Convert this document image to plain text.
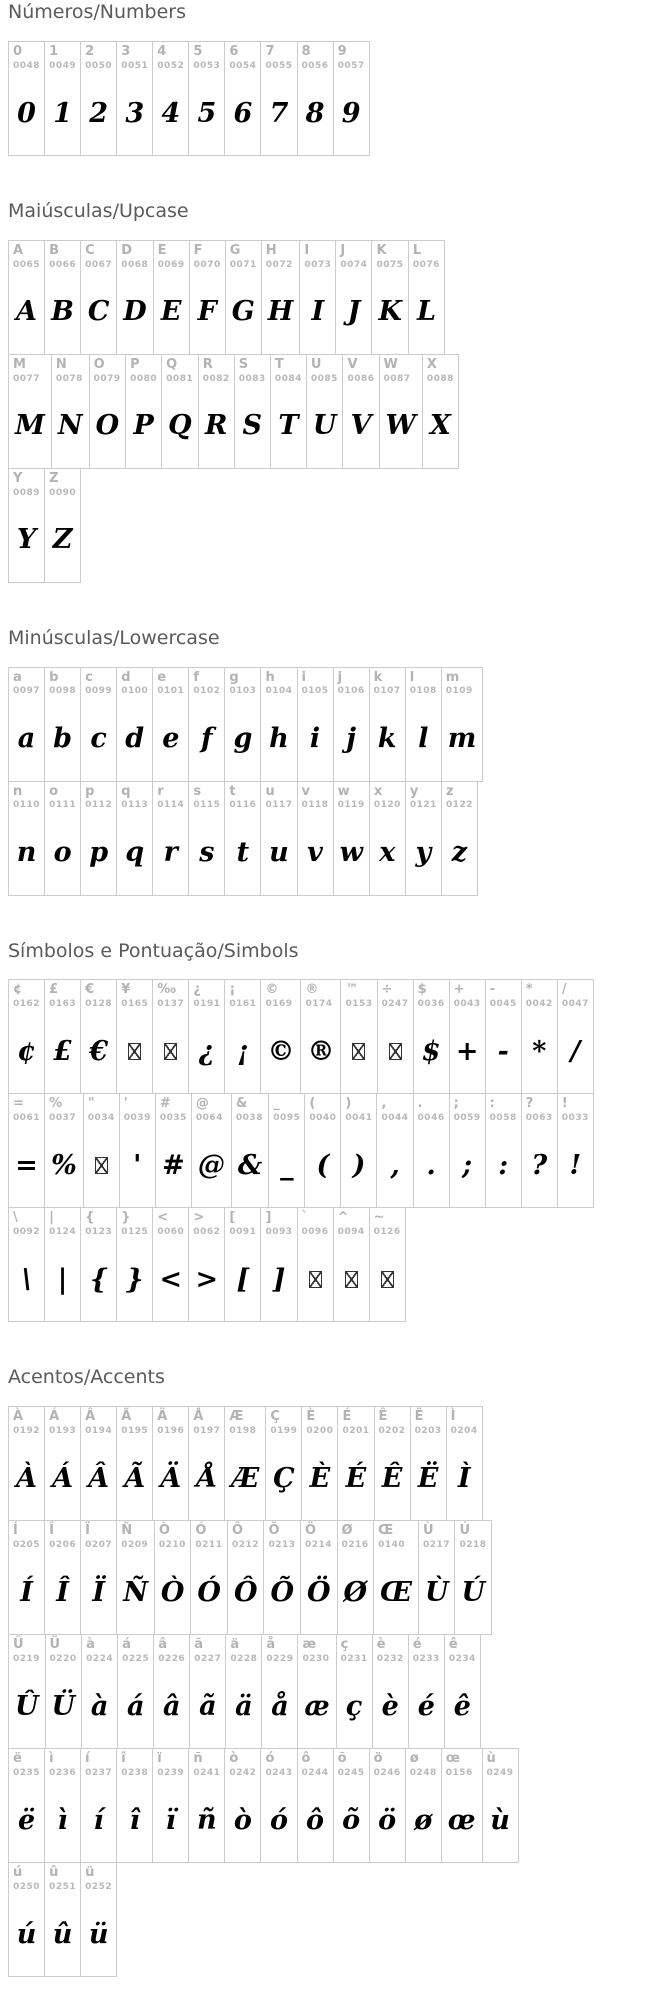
Números/Numbers
0
0048
0
1
0049
1
2
0050
2
3
0051
3
4
0052
4
5
0053
5
6
0054
6
7
0055
7
8
0056
8
9
0057
9
Maiúsculas/Upcase
A
0065
A
B
0066
B
C
0067
C
D
0068
D
E
0069
E
F
0070
F
G
0071
G
H
0072
H
I
0073
I
J
0074
J
K
0075
K
L
0076
L
M
0077
M
N
0078
N
O
0079
O
P
0080
P
Q
0081
Q
R
0082
R
S
0083
S
T
0084
T
U
0085
U
V
0086
V
W
0087
W
X
0088
X
Y
0089
Y
Z
0090
Z
Minúsculas/Lowercase
a
0097
a
b
0098
b
c
0099
c
d
0100
d
e
0101
e
f
0102
f
g
0103
g
h
0104
h
i
0105
i
j
0106
j
k
0107
k
l
0108
l
m
0109
m
n
0110
n
o
0111
o
p
0112
p
q
0113
q
r
0114
r
s
0115
s
t
0116
t
u
0117
u
v
0118
v
w
0119
w
x
0120
x
y
0121
y
z
0122
z
Símbolos e Pontuação/Simbols
¢
0162
¢
£
0163
£
€
0128
€
¥
0165
‰
0137
¿
0191
¿
¡
0161
¡
©
0169
©
®
0174
®
™
0153
÷
0247
$
0036
$
+
0043
+
-
0045
-
*
0042
*
/
0047
/
=
0061
=
%
0037
%
"
0034
'
0039
'
#
0035
#
@
0064
@
&
0038
&
_
0095
_
(
0040
(
)
0041
)
,
0044
,
.
0046
.
;
0059
;
:
0058
:
?
0063
?
!
0033
!
\
0092
\
|
0124
|
{
0123
{
}
0125
}
<
0060
<
>
0062
>
[
0091
[
]
0093
]
`
0096
^
0094
~
0126
Acentos/Accents
À
0192
À
Á
0193
Á
Â
0194
Â
Ã
0195
Ã
Ä
0196
Ä
Å
0197
Å
Æ
0198
Æ
Ç
0199
Ç
È
0200
È
É
0201
É
Ê
0202
Ê
Ë
0203
Ë
Ì
0204
Ì
Í
0205
Í
Î
0206
Î
Ï
0207
Ï
Ñ
0209
Ñ
Ò
0210
Ò
Ó
0211
Ó
Ô
0212
Ô
Õ
0213
Õ
Ö
0214
Ö
Ø
0216
Ø
Œ
0140
Œ
Ù
0217
Ù
Ú
0218
Ú
Û
0219
Û
Ü
0220
Ü
à
0224
à
á
0225
á
â
0226
â
ã
0227
ã
ä
0228
ä
å
0229
å
æ
0230
æ
ç
0231
ç
è
0232
è
é
0233
é
ê
0234
ê
ë
0235
ë
ì
0236
ì
í
0237
í
î
0238
î
ï
0239
ï
ñ
0241
ñ
ò
0242
ò
ó
0243
ó
ô
0244
ô
õ
0245
õ
ö
0246
ö
ø
0248
ø
œ
0156
œ
ù
0249
ù
ú
0250
ú
û
0251
û
ü
0252
ü
